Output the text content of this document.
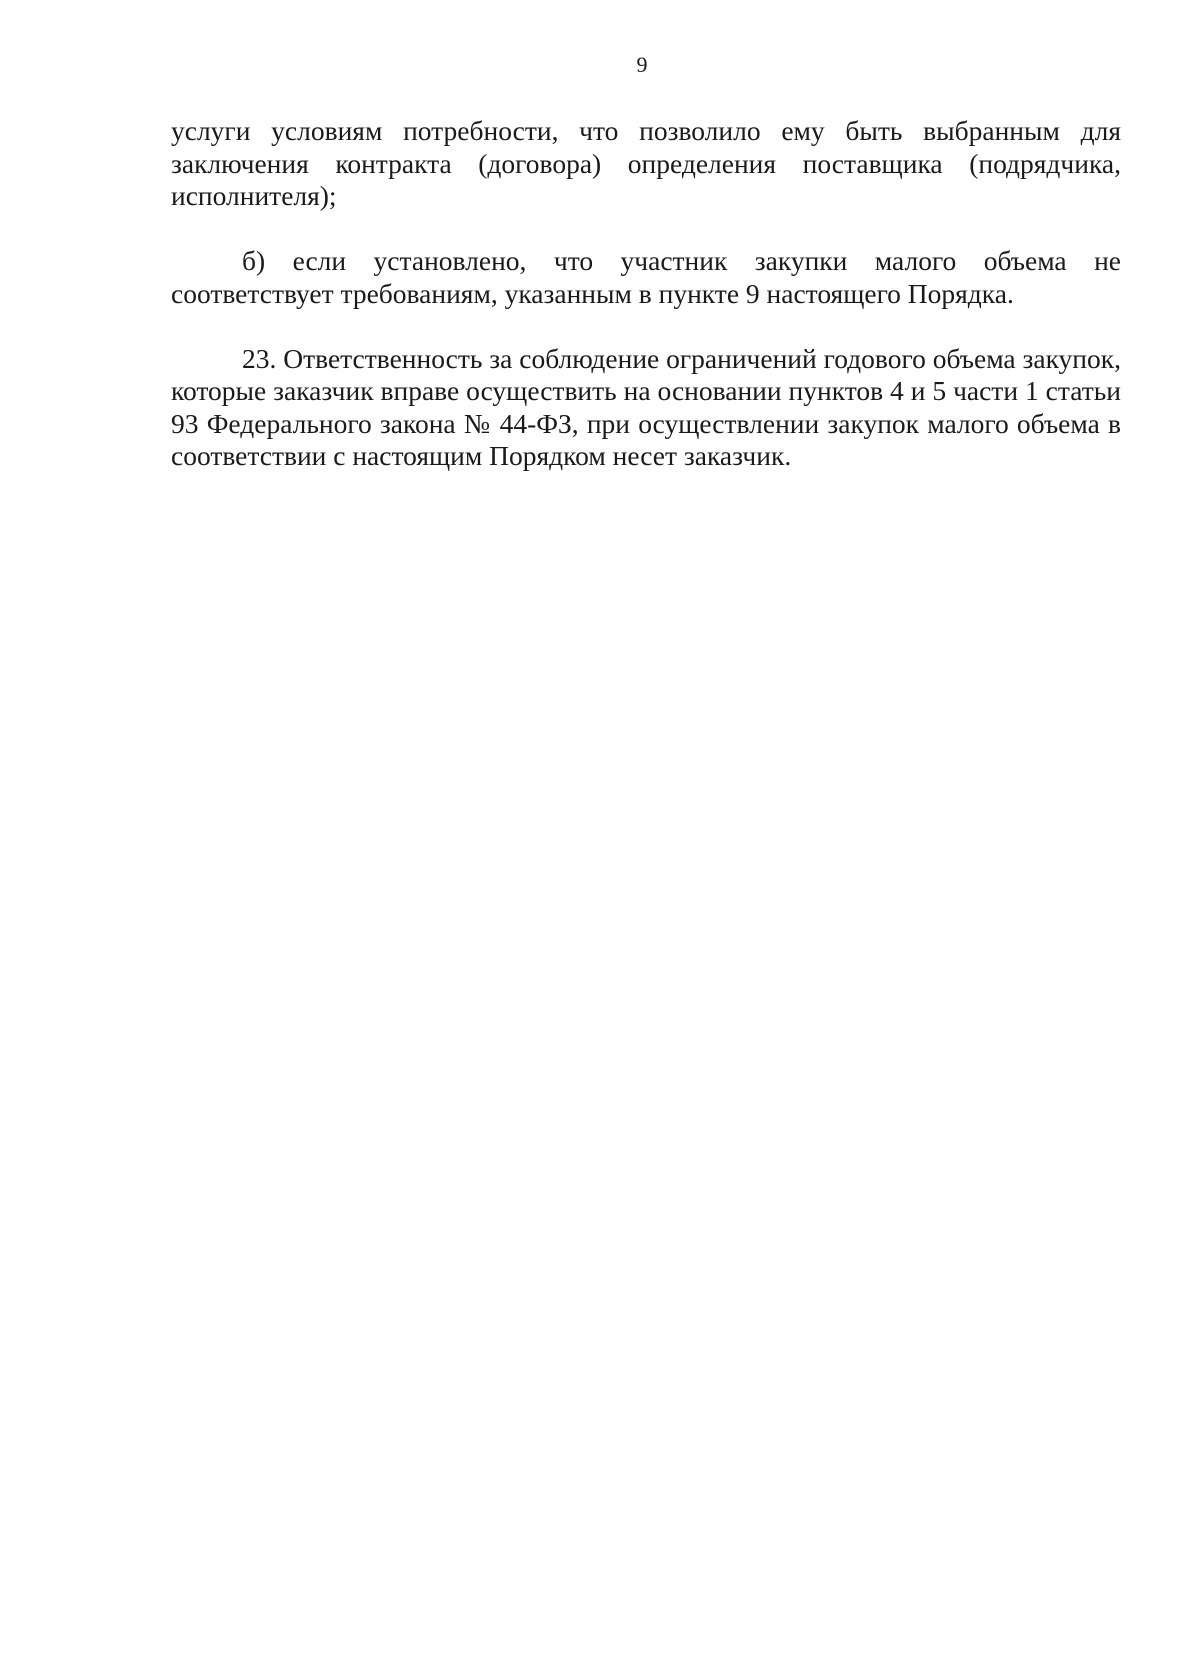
9

услуги условиям потребности, что позволило ему быть выбранным для заключения контракта (договора) определения поставщика (подрядчика, исполнителя);

б) если установлено, что участник закупки малого объема не соответствует требованиям, указанным в пункте 9 настоящего Порядка.

23. Ответственность за соблюдение ограничений годового объема закупок, которые заказчик вправе осуществить на основании пунктов 4 и 5 части 1 статьи 93 Федерального закона № 44-ФЗ, при осуществлении закупок малого объема в соответствии с настоящим Порядком несет заказчик.
